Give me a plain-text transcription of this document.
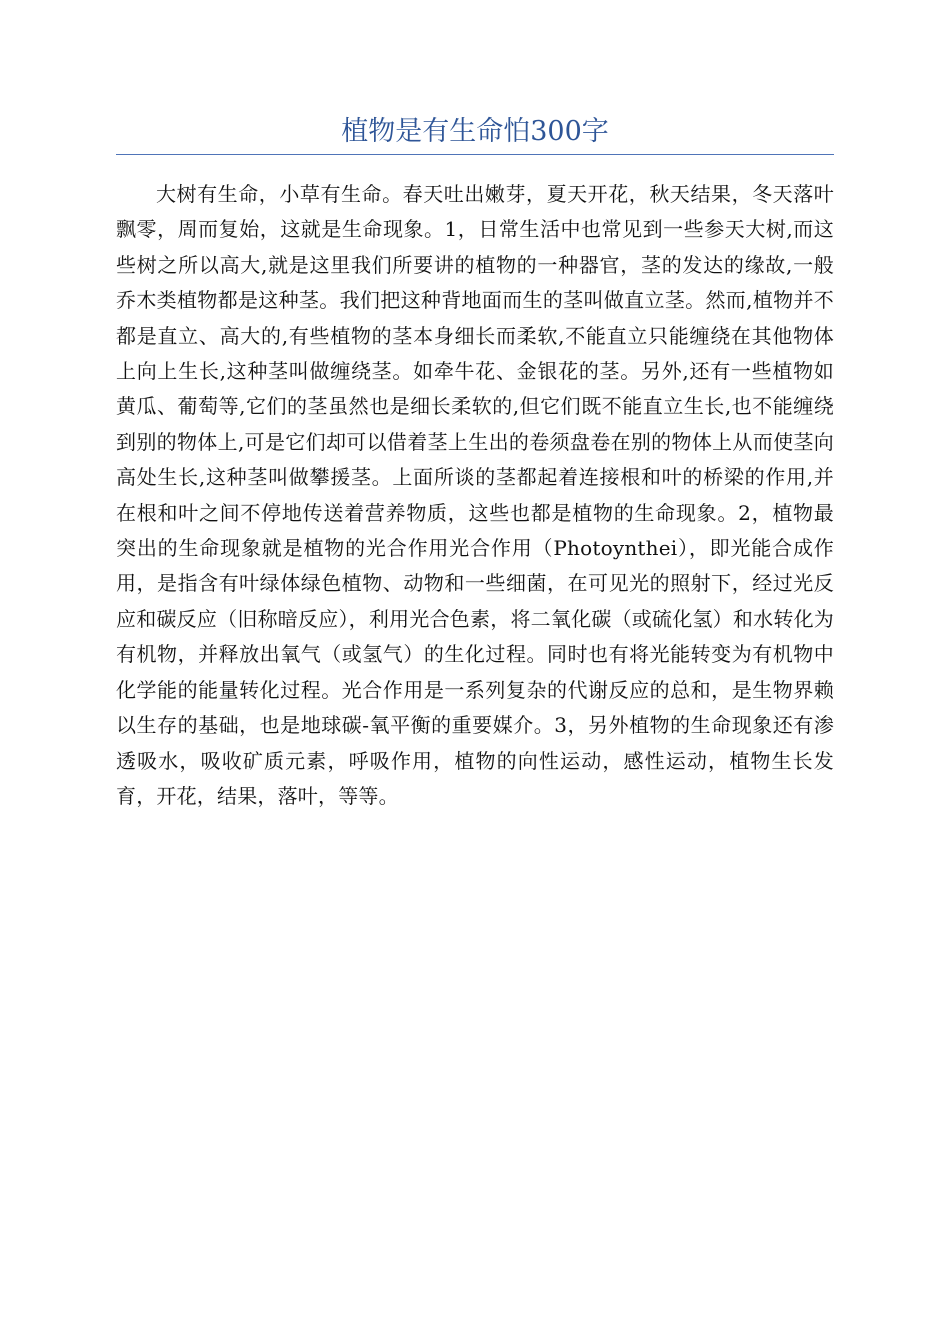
植物是有生命怕300字

大树有生命，小草有生命。春天吐出嫩芽，夏天开花，秋天结果，冬天落叶飘零，周而复始，这就是生命现象。1，日常生活中也常见到一些参天大树,而这些树之所以高大,就是这里我们所要讲的植物的一种器官，茎的发达的缘故,一般乔木类植物都是这种茎。我们把这种背地面而生的茎叫做直立茎。然而,植物并不都是直立、高大的,有些植物的茎本身细长而柔软,不能直立只能缠绕在其他物体上向上生长,这种茎叫做缠绕茎。如牵牛花、金银花的茎。另外,还有一些植物如黄瓜、葡萄等,它们的茎虽然也是细长柔软的,但它们既不能直立生长,也不能缠绕到别的物体上,可是它们却可以借着茎上生出的卷须盘卷在别的物体上从而使茎向高处生长,这种茎叫做攀援茎。上面所谈的茎都起着连接根和叶的桥梁的作用,并在根和叶之间不停地传送着营养物质，这些也都是植物的生命现象。2，植物最突出的生命现象就是植物的光合作用光合作用（Photoynthei），即光能合成作用，是指含有叶绿体绿色植物、动物和一些细菌，在可见光的照射下，经过光反应和碳反应（旧称暗反应），利用光合色素，将二氧化碳（或硫化氢）和水转化为有机物，并释放出氧气（或氢气）的生化过程。同时也有将光能转变为有机物中化学能的能量转化过程。光合作用是一系列复杂的代谢反应的总和，是生物界赖以生存的基础，也是地球碳-氧平衡的重要媒介。3，另外植物的生命现象还有渗透吸水，吸收矿质元素，呼吸作用，植物的向性运动，感性运动，植物生长发育，开花，结果，落叶，等等。
